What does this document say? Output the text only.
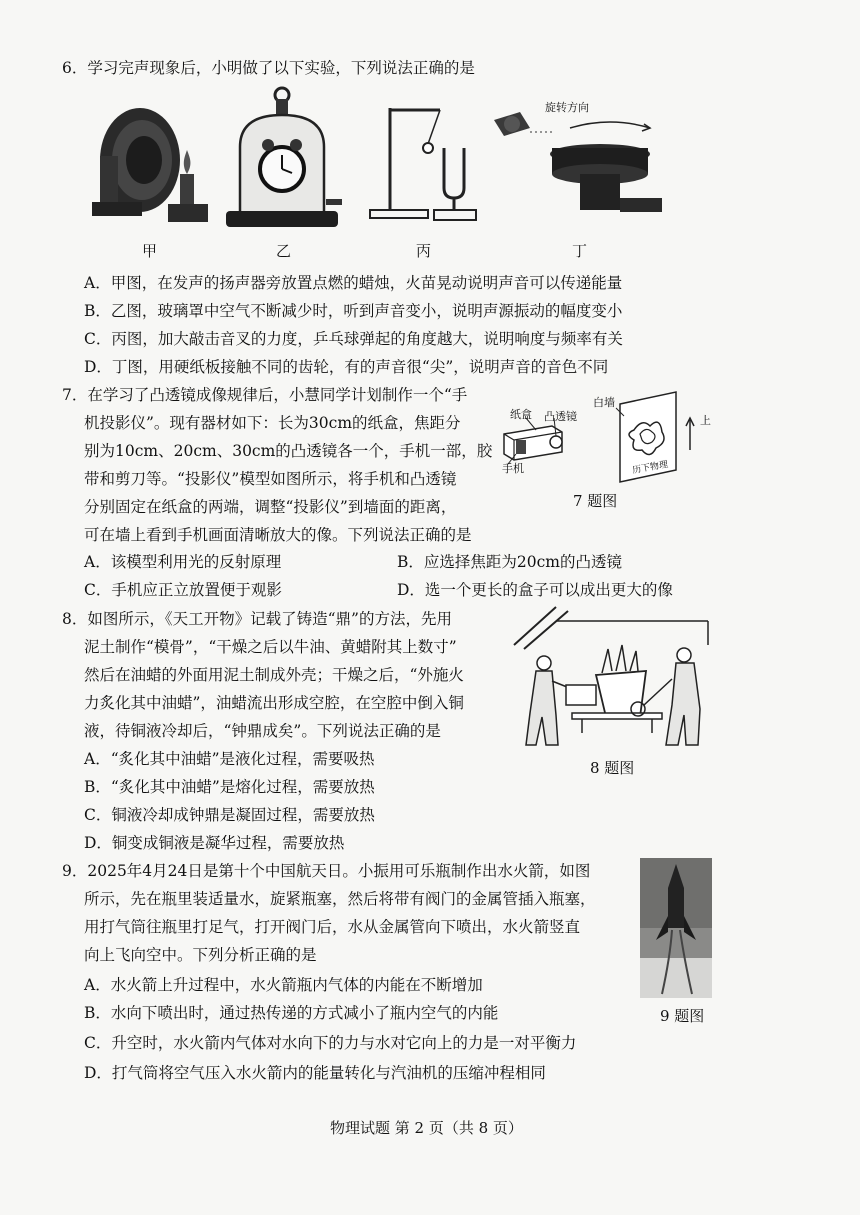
6．学习完声现象后，小明做了以下实验，下列说法正确的是
旋转方向
甲	乙	丙	丁
A．甲图，在发声的扬声器旁放置点燃的蜡烛，火苗晃动说明声音可以传递能量
B．乙图，玻璃罩中空气不断减少时，听到声音变小，说明声源振动的幅度变小
C．丙图，加大敲击音叉的力度，乒乓球弹起的角度越大，说明响度与频率有关
D．丁图，用硬纸板接触不同的齿轮，有的声音很“尖”，说明声音的音色不同
7．在学习了凸透镜成像规律后，小慧同学计划制作一个“手
机投影仪”。现有器材如下：长为30cm的纸盒，焦距分
别为10cm、20cm、30cm的凸透镜各一个，手机一部，胶
带和剪刀等。“投影仪”模型如图所示，将手机和凸透镜
分别固定在纸盒的两端，调整“投影仪”到墙面的距离，
可在墙上看到手机画面清晰放大的像。下列说法正确的是
纸盒 凸透镜
手机
白墙
上
历下物理
7 题图
A．该模型利用光的反射原理	B．应选择焦距为20cm的凸透镜
C．手机应正立放置便于观影	D．选一个更长的盒子可以成出更大的像
8．如图所示，《天工开物》记载了铸造“鼎”的方法，先用
泥土制作“模骨”，“干燥之后以牛油、黄蜡附其上数寸”
然后在油蜡的外面用泥土制成外壳；干燥之后，“外施火
力炙化其中油蜡”，油蜡流出形成空腔，在空腔中倒入铜
液，待铜液冷却后，“钟鼎成矣”。下列说法正确的是
8 题图
A．“炙化其中油蜡”是液化过程，需要吸热
B．“炙化其中油蜡”是熔化过程，需要放热
C．铜液冷却成钟鼎是凝固过程，需要放热
D．铜变成铜液是凝华过程，需要放热
9．2025年4月24日是第十个中国航天日。小振用可乐瓶制作出水火箭，如图
所示，先在瓶里装适量水，旋紧瓶塞，然后将带有阀门的金属管插入瓶塞，
用打气筒往瓶里打足气，打开阀门后，水从金属管向下喷出，水火箭竖直
向上飞向空中。下列分析正确的是
9 题图
A．水火箭上升过程中，水火箭瓶内气体的内能在不断增加
B．水向下喷出时，通过热传递的方式减小了瓶内空气的内能
C．升空时，水火箭内气体对水向下的力与水对它向上的力是一对平衡力
D．打气筒将空气压入水火箭内的能量转化与汽油机的压缩冲程相同
物理试题 第 2 页（共 8 页）
